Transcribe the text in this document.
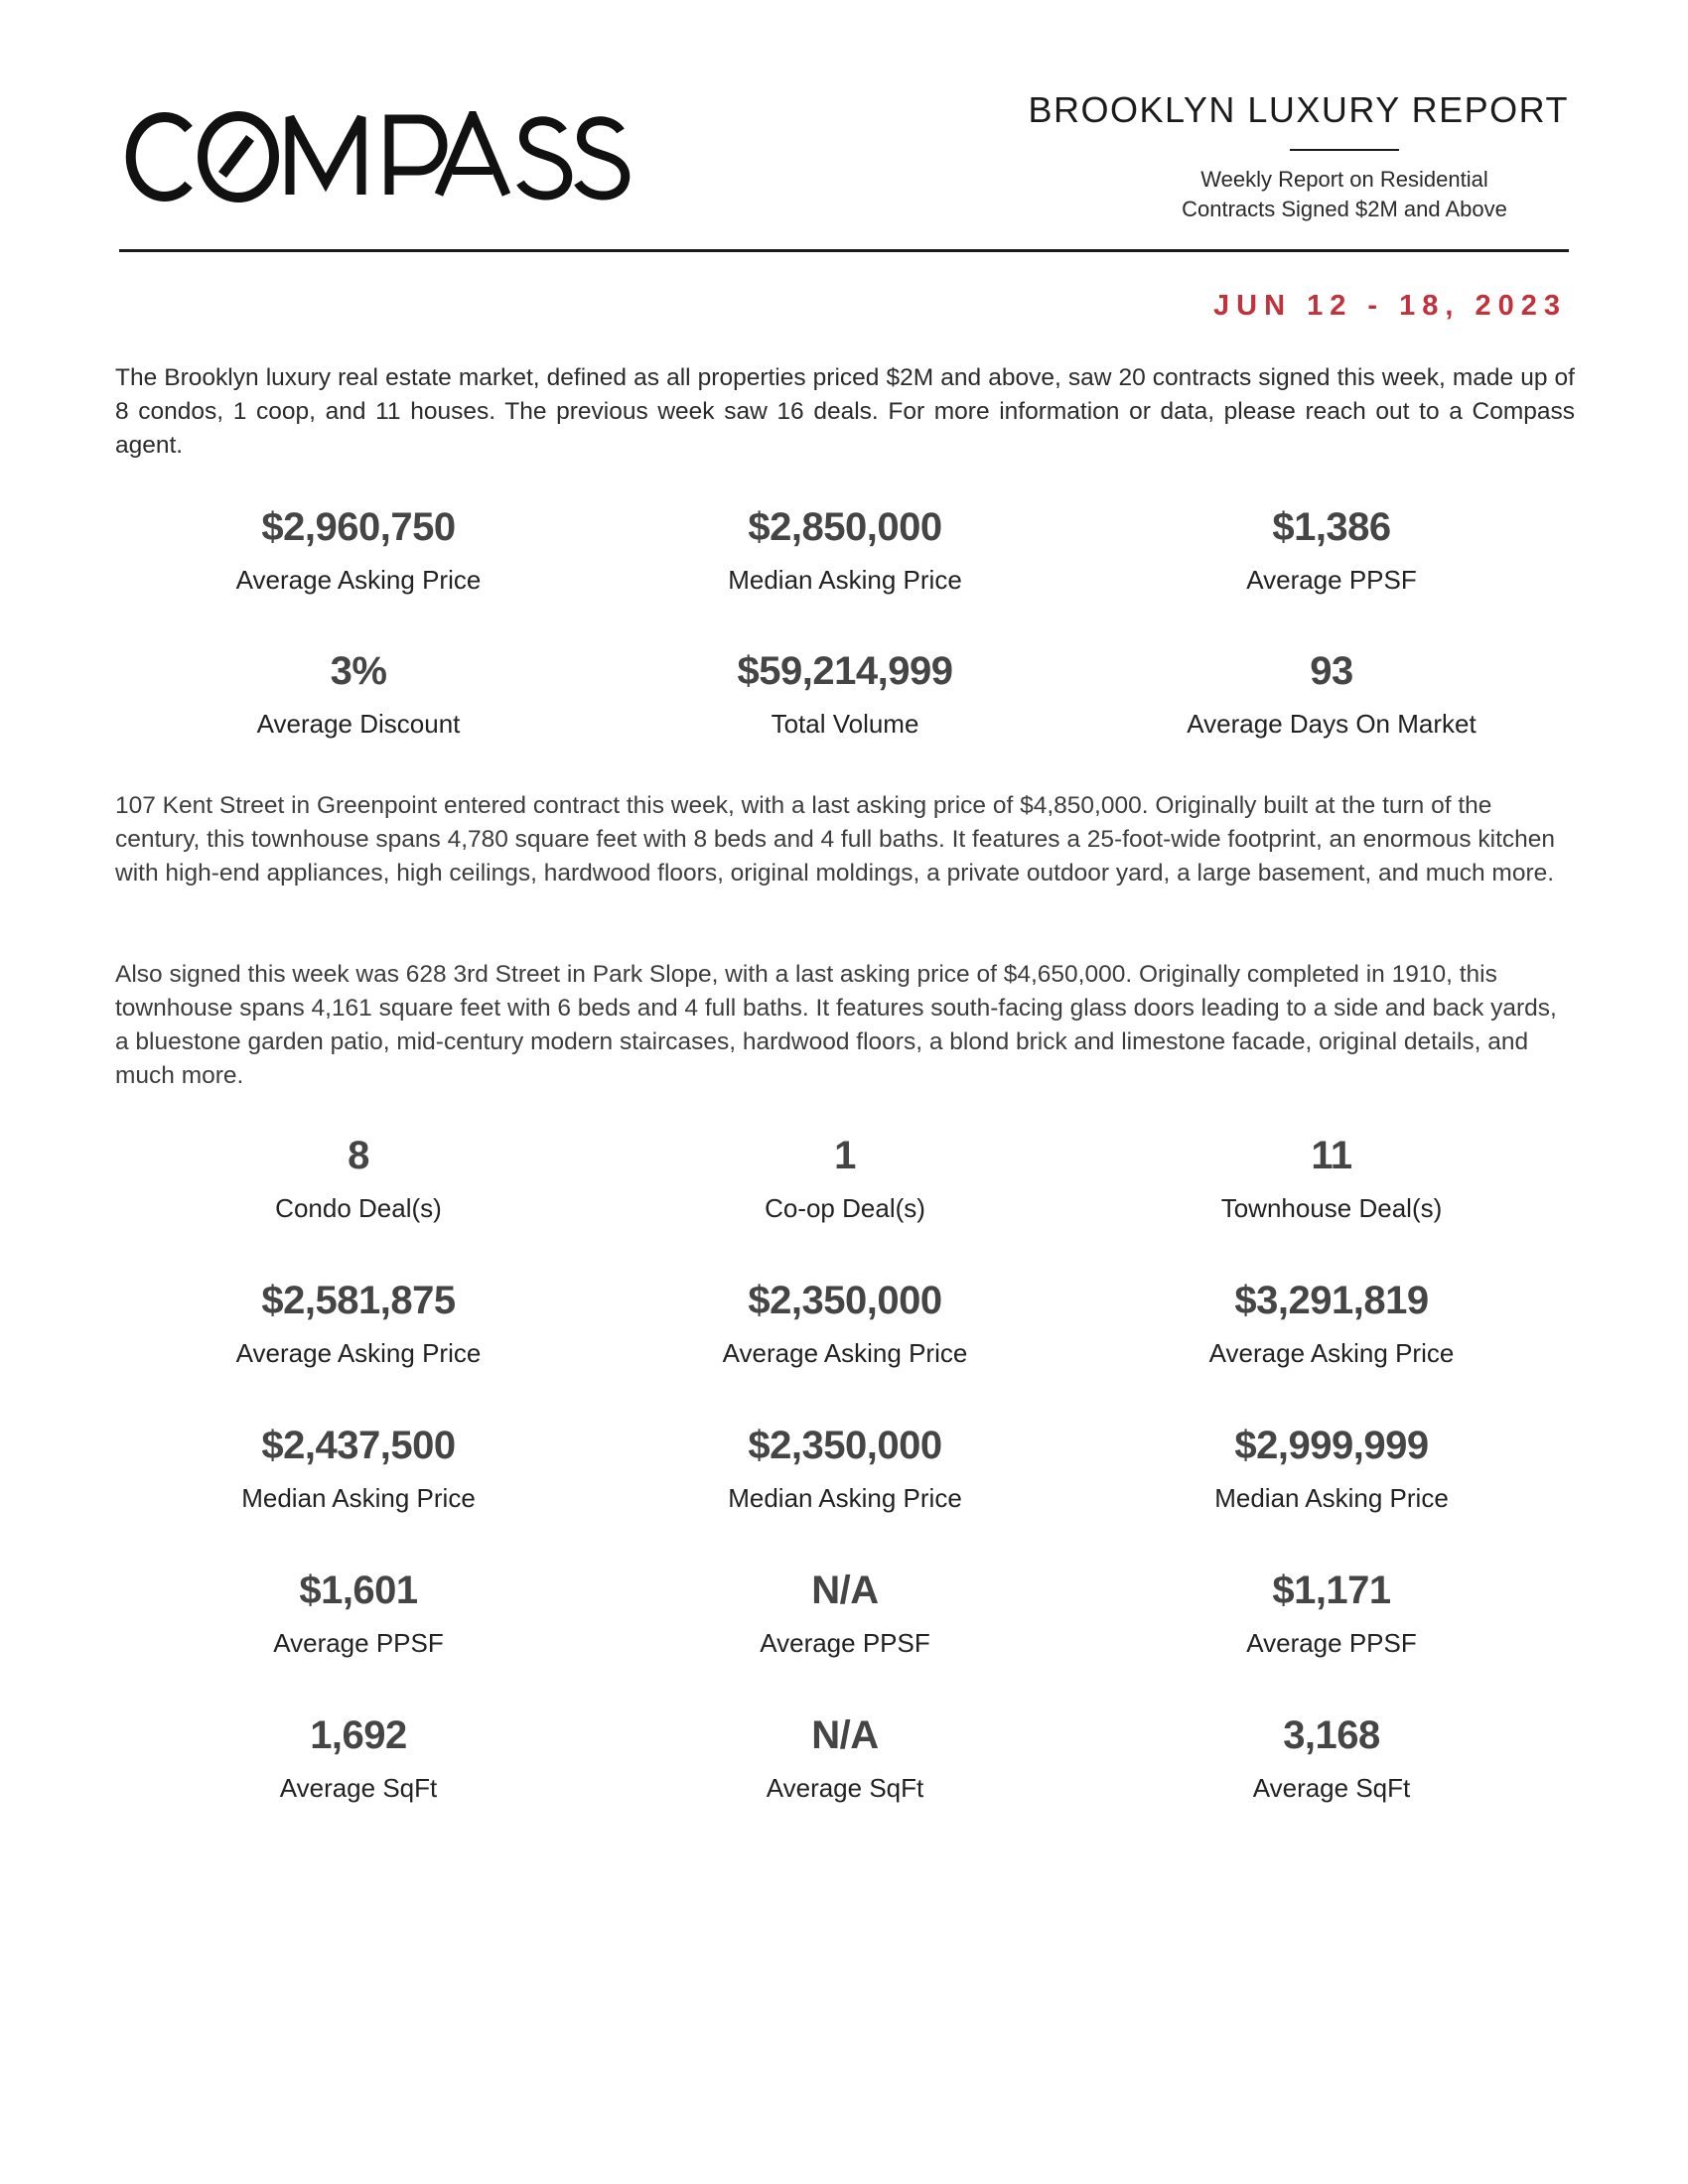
BROOKLYN LUXURY REPORT
Weekly Report on Residential
Contracts Signed $2M and Above
JUN 12 - 18, 2023

The Brooklyn luxury real estate market, defined as all properties priced $2M and above, saw 20 contracts signed this week, made up of 8 condos, 1 coop, and 11 houses. The previous week saw 16 deals. For more information or data, please reach out to a Compass agent.

$2,960,750
Average Asking Price
$2,850,000
Median Asking Price
$1,386
Average PPSF
3%
Average Discount
$59,214,999
Total Volume
93
Average Days On Market

107 Kent Street in Greenpoint entered contract this week, with a last asking price of $4,850,000. Originally built at the turn of the century, this townhouse spans 4,780 square feet with 8 beds and 4 full baths. It features a 25-foot-wide footprint, an enormous kitchen with high-end appliances, high ceilings, hardwood floors, original moldings, a private outdoor yard, a large basement, and much more.

Also signed this week was 628 3rd Street in Park Slope, with a last asking price of $4,650,000. Originally completed in 1910, this townhouse spans 4,161 square feet with 6 beds and 4 full baths. It features south-facing glass doors leading to a side and back yards, a bluestone garden patio, mid-century modern staircases, hardwood floors, a blond brick and limestone facade, original details, and much more.

8
Condo Deal(s)
1
Co-op Deal(s)
11
Townhouse Deal(s)
$2,581,875
Average Asking Price
$2,350,000
Average Asking Price
$3,291,819
Average Asking Price
$2,437,500
Median Asking Price
$2,350,000
Median Asking Price
$2,999,999
Median Asking Price
$1,601
Average PPSF
N/A
Average PPSF
$1,171
Average PPSF
1,692
Average SqFt
N/A
Average SqFt
3,168
Average SqFt
